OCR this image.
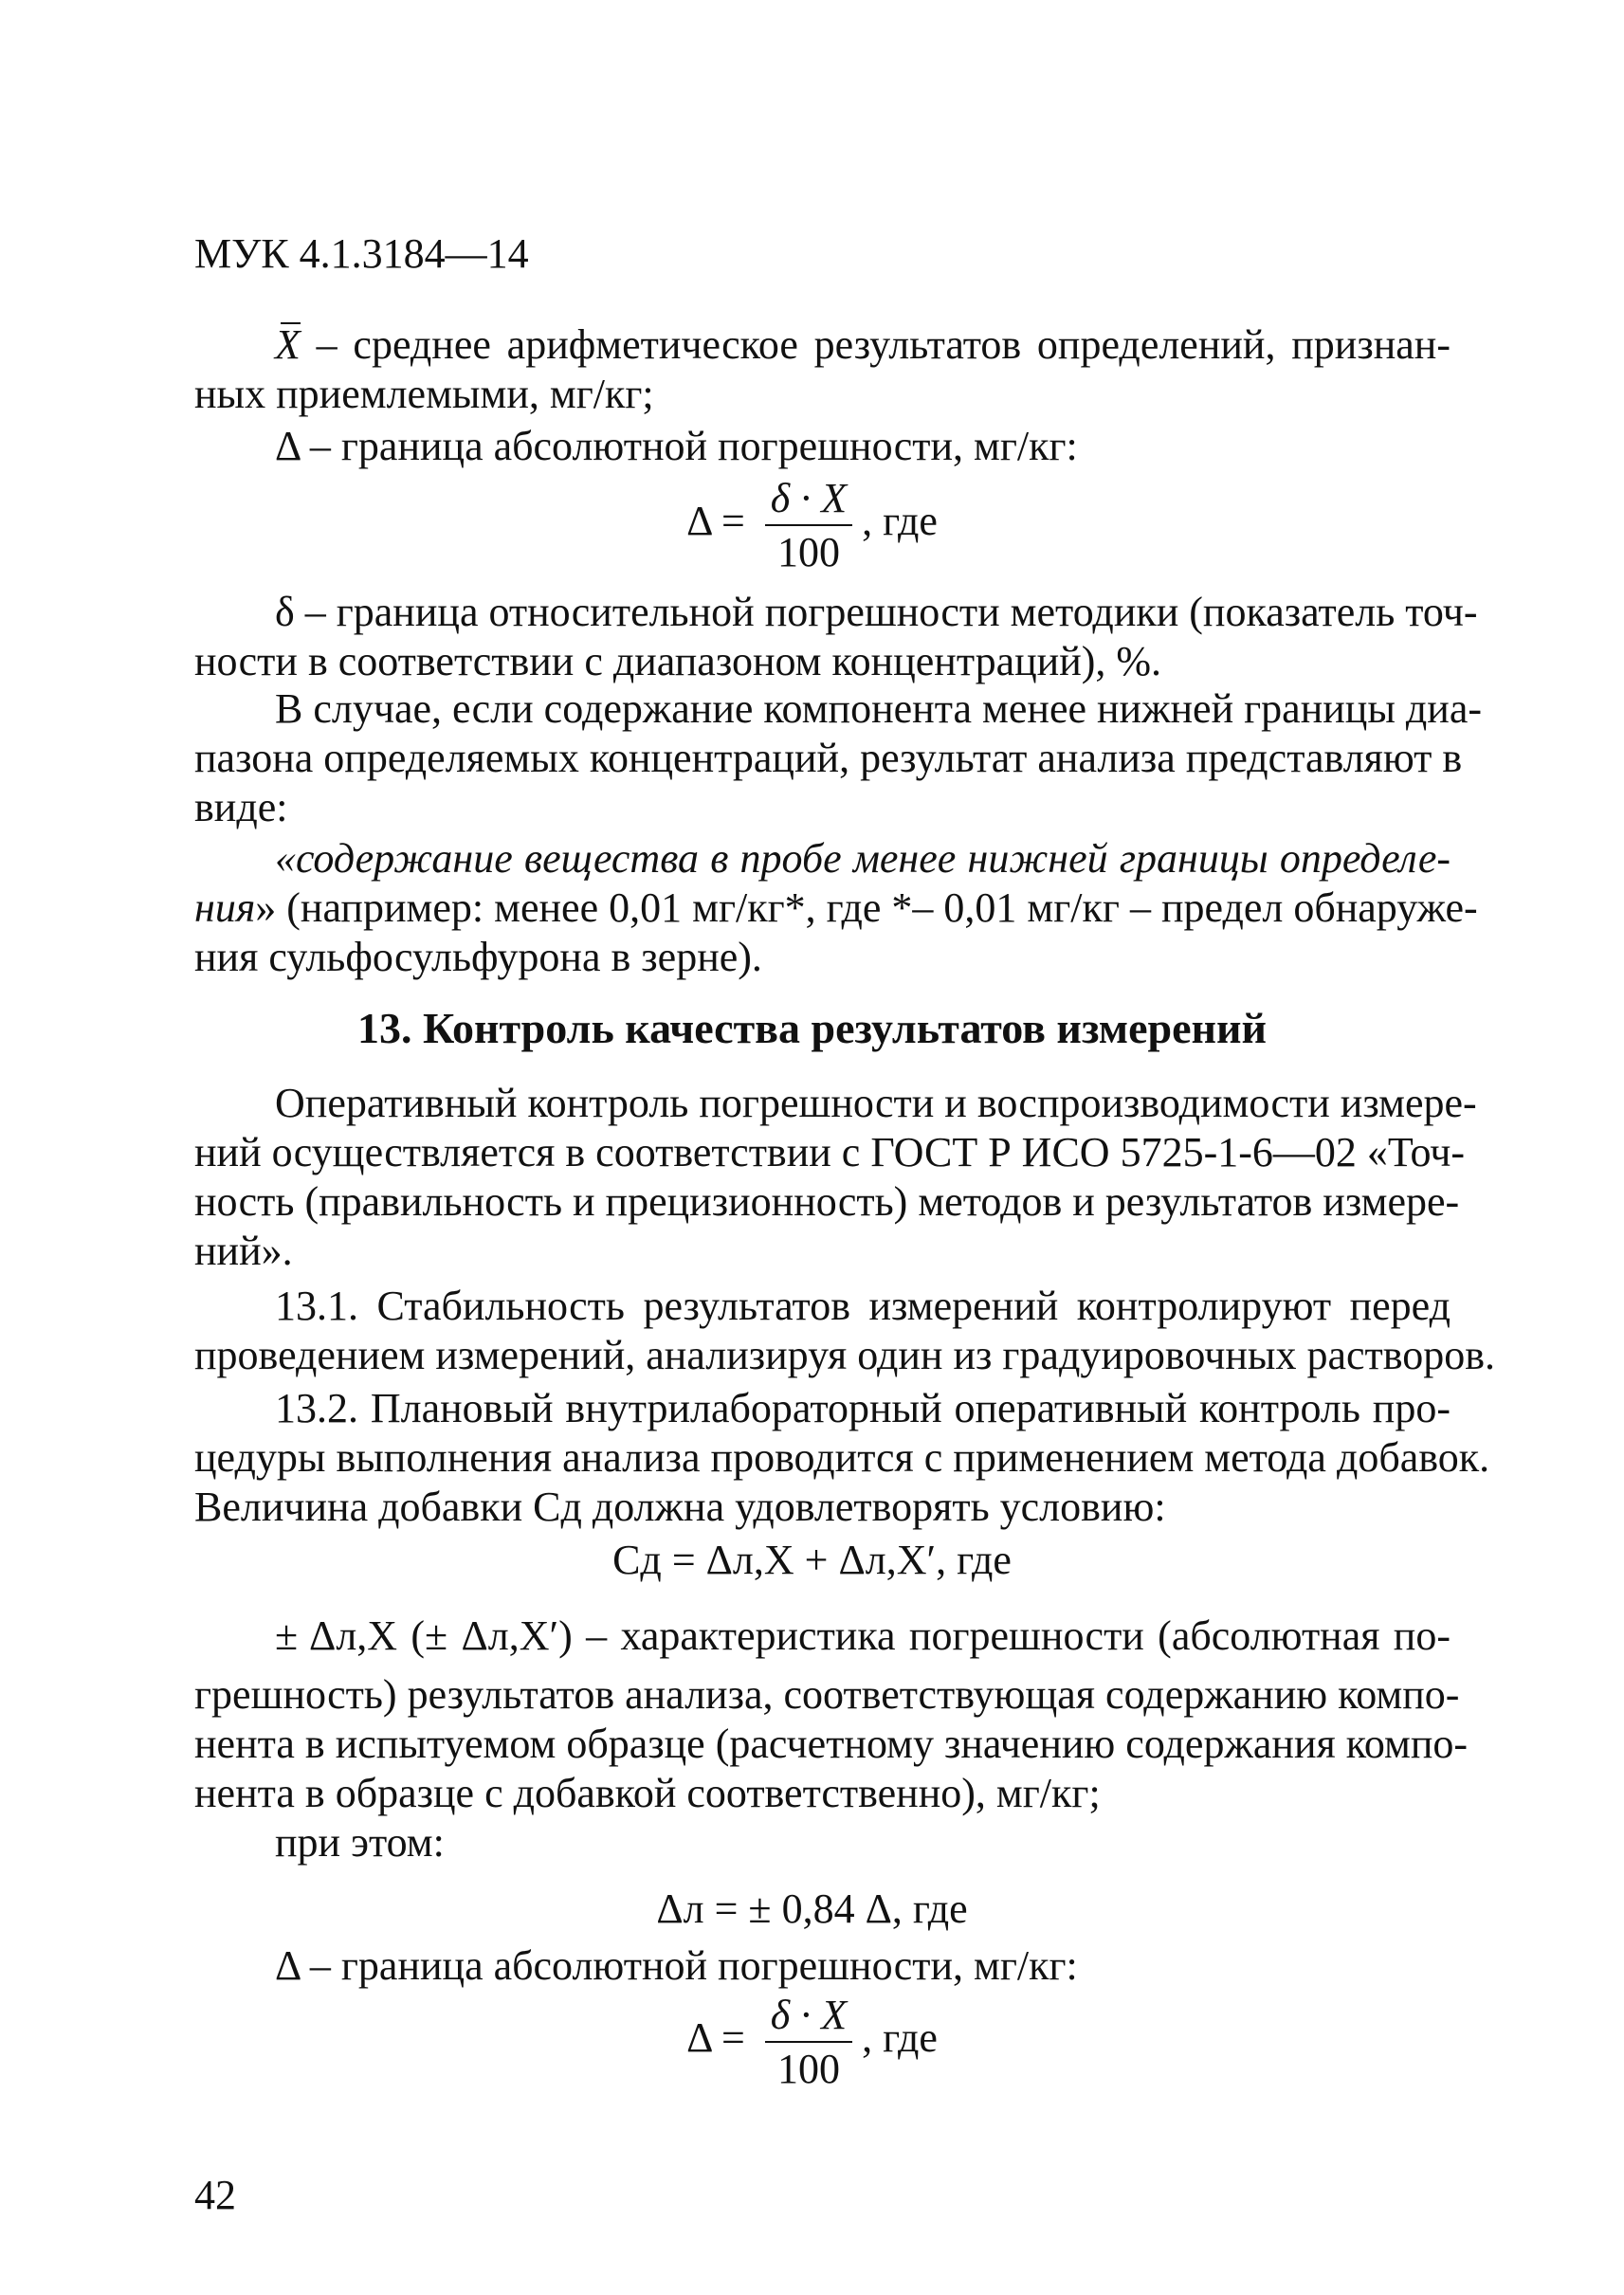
МУК 4.1.3184—14
X – среднее арифметическое результатов определений, признан-
ных приемлемыми, мг/кг;
Δ – граница абсолютной погрешности, мг/кг:
$\Delta = \frac{\delta \cdot X}{100}$ , где
δ – граница относительной погрешности методики (показатель точ-
ности в соответствии с диапазоном концентраций), %.
В случае, если содержание компонента менее нижней границы диа-
пазона определяемых концентраций, результат анализа представляют в
виде:
«содержание вещества в пробе менее нижней границы определе-
ния» (например: менее 0,01 мг/кг*, где *– 0,01 мг/кг – предел обнаруже-
ния сульфосульфурона в зерне).
13. Контроль качества результатов измерений
Оперативный контроль погрешности и воспроизводимости измере-
ний осуществляется в соответствии с ГОСТ Р ИСО 5725-1-6—02 «Точ-
ность (правильность и прецизионность) методов и результатов измере-
ний».
13.1. Стабильность результатов измерений контролируют перед
проведением измерений, анализируя один из градуировочных растворов.
13.2. Плановый внутрилабораторный оперативный контроль про-
цедуры выполнения анализа проводится с применением метода добавок.
Величина добавки Cд должна удовлетворять условию:
Cд = Δл,X + Δл,X′, где
± Δл,X (± Δл,X′) – характеристика погрешности (абсолютная по-
грешность) результатов анализа, соответствующая содержанию компо-
нента в испытуемом образце (расчетному значению содержания компо-
нента в образце с добавкой соответственно), мг/кг;
при этом:
Δл = ± 0,84 Δ, где
Δ – граница абсолютной погрешности, мг/кг:
$\Delta = \frac{\delta \cdot X}{100}$ , где
42
